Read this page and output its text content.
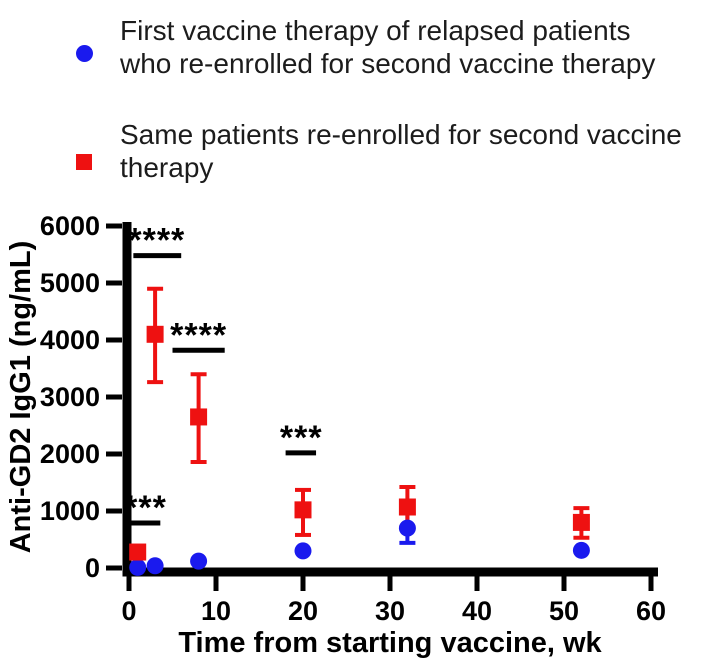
First vaccine therapy of relapsed patients
who re-enrolled for second vaccine therapy
Same patients re-enrolled for second vaccine
therapy
0
1000
2000
3000
4000
5000
6000
0 10 20 30 40 50 60
Time from starting vaccine, wk
Anti-GD2 IgG1 (ng/mL)
****
****
***
***
